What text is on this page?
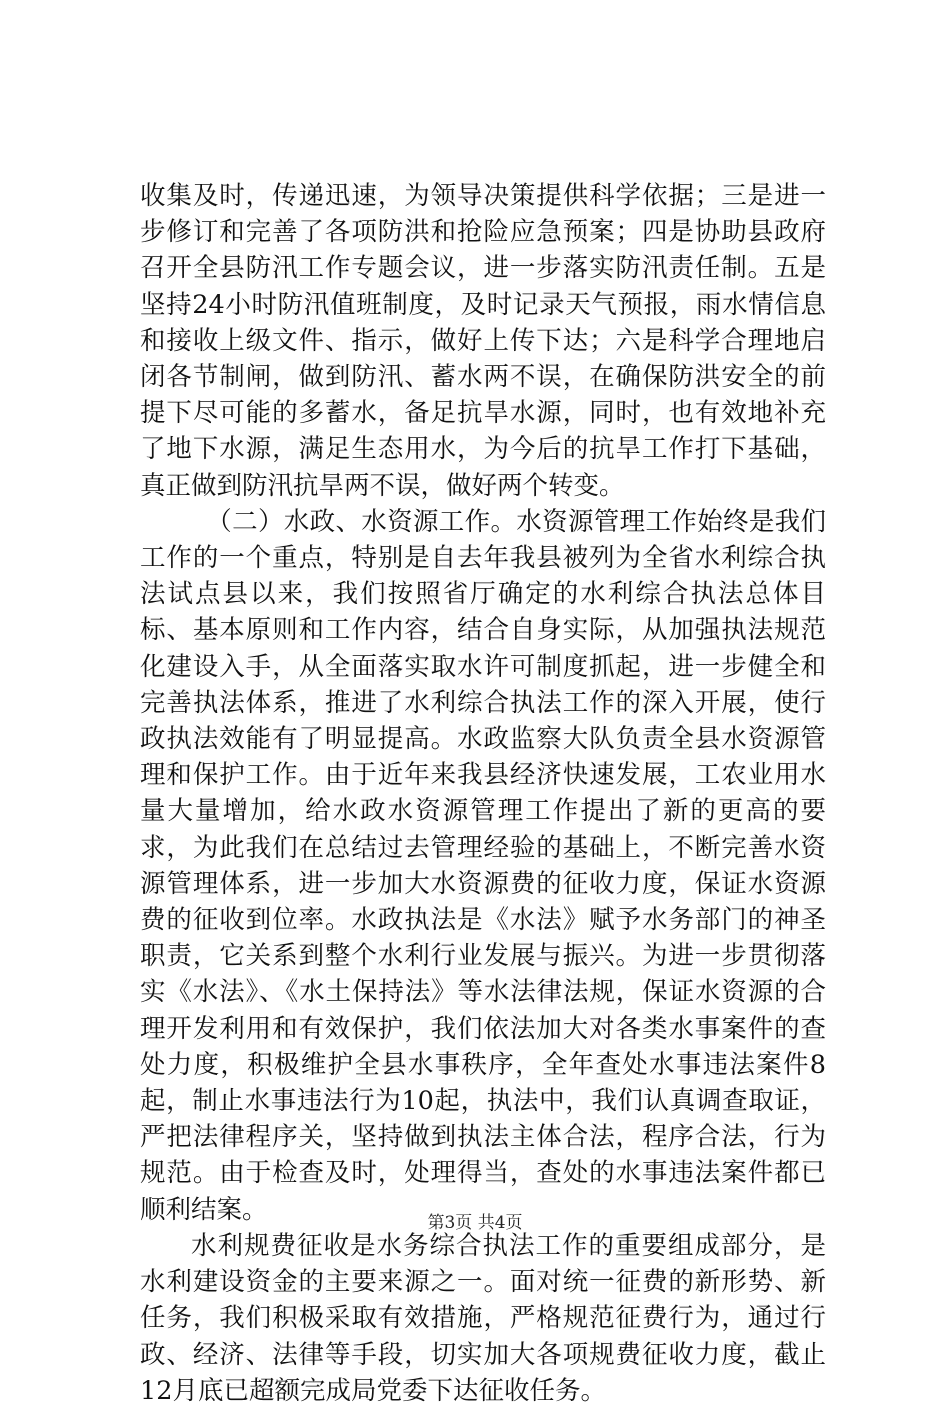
收集及时，传递迅速，为领导决策提供科学依据；三是进一步修订和完善了各项防洪和抢险应急预案；四是协助县政府召开全县防汛工作专题会议，进一步落实防汛责任制。五是坚持24小时防汛值班制度，及时记录天气预报，雨水情信息和接收上级文件、指示，做好上传下达；六是科学合理地启闭各节制闸，做到防汛、蓄水两不误，在确保防洪安全的前提下尽可能的多蓄水，备足抗旱水源，同时，也有效地补充了地下水源，满足生态用水，为今后的抗旱工作打下基础，真正做到防汛抗旱两不误，做好两个转变。

（二）水政、水资源工作。水资源管理工作始终是我们工作的一个重点，特别是自去年我县被列为全省水利综合执法试点县以来，我们按照省厅确定的水利综合执法总体目标、基本原则和工作内容，结合自身实际，从加强执法规范化建设入手，从全面落实取水许可制度抓起，进一步健全和完善执法体系，推进了水利综合执法工作的深入开展，使行政执法效能有了明显提高。水政监察大队负责全县水资源管理和保护工作。由于近年来我县经济快速发展，工农业用水量大量增加，给水政水资源管理工作提出了新的更高的要求，为此我们在总结过去管理经验的基础上，不断完善水资源管理体系，进一步加大水资源费的征收力度，保证水资源费的征收到位率。水政执法是《水法》赋予水务部门的神圣职责，它关系到整个水利行业发展与振兴。为进一步贯彻落实《水法》、《水土保持法》等水法律法规，保证水资源的合理开发利用和有效保护，我们依法加大对各类水事案件的查处力度，积极维护全县水事秩序，全年查处水事违法案件8起，制止水事违法行为10起，执法中，我们认真调查取证，严把法律程序关，坚持做到执法主体合法，程序合法，行为规范。由于检查及时，处理得当，查处的水事违法案件都已顺利结案。

水利规费征收是水务综合执法工作的重要组成部分，是水利建设资金的主要来源之一。面对统一征费的新形势、新任务，我们积极采取有效措施，严格规范征费行为，通过行政、经济、法律等手段，切实加大各项规费征收力度，截止12月底已超额完成局党委下达征收任务。

第3页 共4页
